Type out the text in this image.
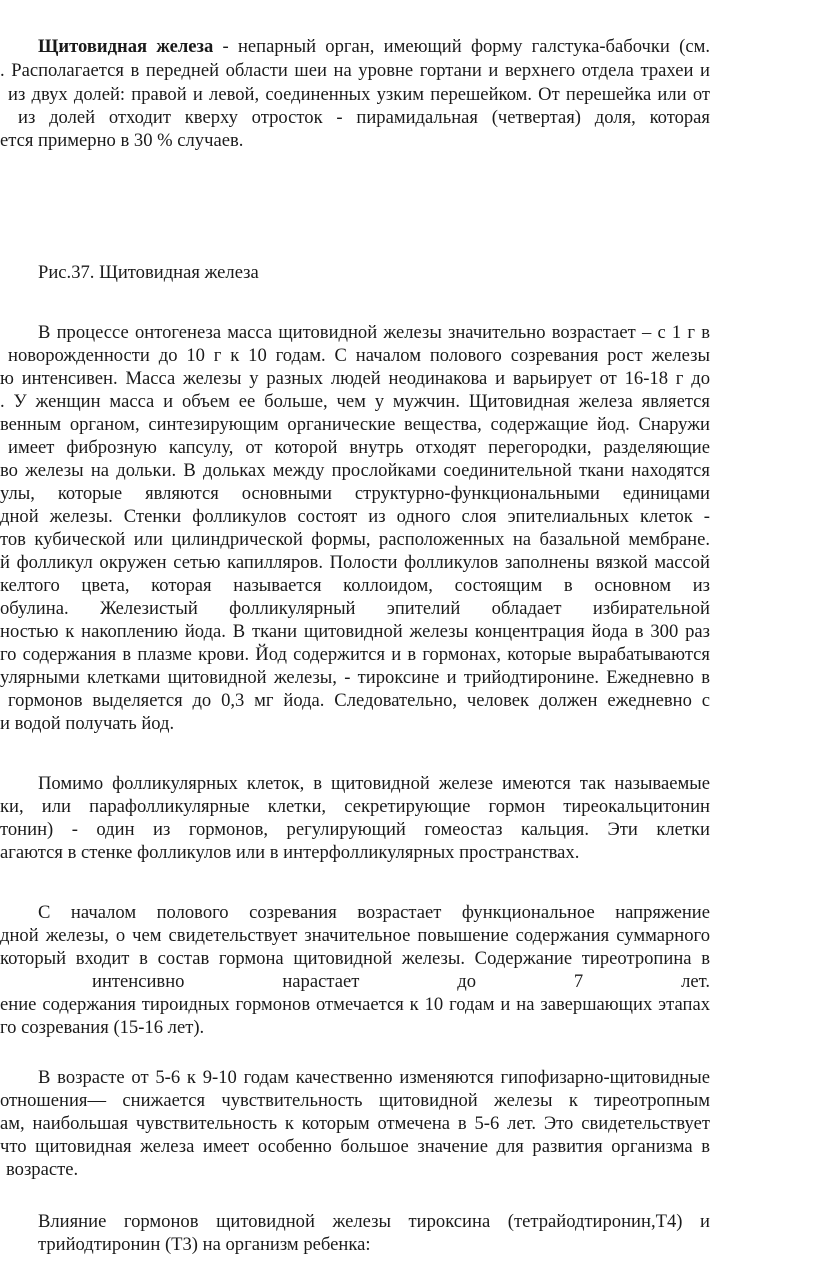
Щитовидная железа - непарный орган, имеющий форму галстука-бабочки (см.
. Располагается в передней области шеи на уровне гортани и верхнего отдела трахеи и
из двух долей: правой и левой, соединенных узким перешейком. От перешейка или от
из долей отходит кверху отросток - пирамидальная (четвертая) доля, которая
ется примерно в 30 % случаев.
Рис.37. Щитовидная железа
В процессе онтогенеза масса щитовидной железы значительно возрастает – с 1 г в
новорожденности до 10 г к 10 годам. С началом полового созревания рост железы
ю интенсивен. Масса железы у разных людей неодинакова и варьирует от 16-18 г до
. У женщин масса и объем ее больше, чем у мужчин. Щитовидная железа является
венным органом, синтезирующим органические вещества, содержащие йод. Снаружи
имеет фиброзную капсулу, от которой внутрь отходят перегородки, разделяющие
во железы на дольки. В дольках между прослойками соединительной ткани находятся
улы, которые являются основными структурно-функциональными единицами
дной железы. Стенки фолликулов состоят из одного слоя эпителиальных клеток -
тов кубической или цилиндрической формы, расположенных на базальной мембране.
й фолликул окружен сетью капилляров. Полости фолликулов заполнены вязкой массой
келтого цвета, которая называется коллоидом, состоящим в основном из
обулина. Железистый фолликулярный эпителий обладает избирательной
ностью к накоплению йода. В ткани щитовидной железы концентрация йода в 300 раз
го содержания в плазме крови. Йод содержится и в гормонах, которые вырабатываются
улярными клетками щитовидной железы, - тироксине и трийодтиронине. Ежедневно в
гормонов выделяется до 0,3 мг йода. Следовательно, человек должен ежедневно с
и водой получать йод.
Помимо фолликулярных клеток, в щитовидной железе имеются так называемые
ки, или парафолликулярные клетки, секретирующие гормон тиреокальцитонин
тонин) - один из гормонов, регулирующий гомеостаз кальция. Эти клетки
агаются в стенке фолликулов или в интерфолликулярных пространствах.
С началом полового созревания возрастает функциональное напряжение
дной железы, о чем свидетельствует значительное повышение содержания суммарного
который входит в состав гормона щитовидной железы. Содержание тиреотропина в
интенсивно нарастает до 7 лет.
ение содержания тироидных гормонов отмечается к 10 годам и на завершающих этапах
го созревания (15-16 лет).
В возрасте от 5-6 к 9-10 годам качественно изменяются гипофизарно-щитовидные
отношения— снижается чувствительность щитовидной железы к тиреотропным
ам, наибольшая чувствительность к которым отмечена в 5-6 лет. Это свидетельствует
что щитовидная железа имеет особенно большое значение для развития организма в
возрасте.
Влияние гормонов щитовидной железы тироксина (тетрайодтиронин,T4) и
трийодтиронин (T3) на организм ребенка:
